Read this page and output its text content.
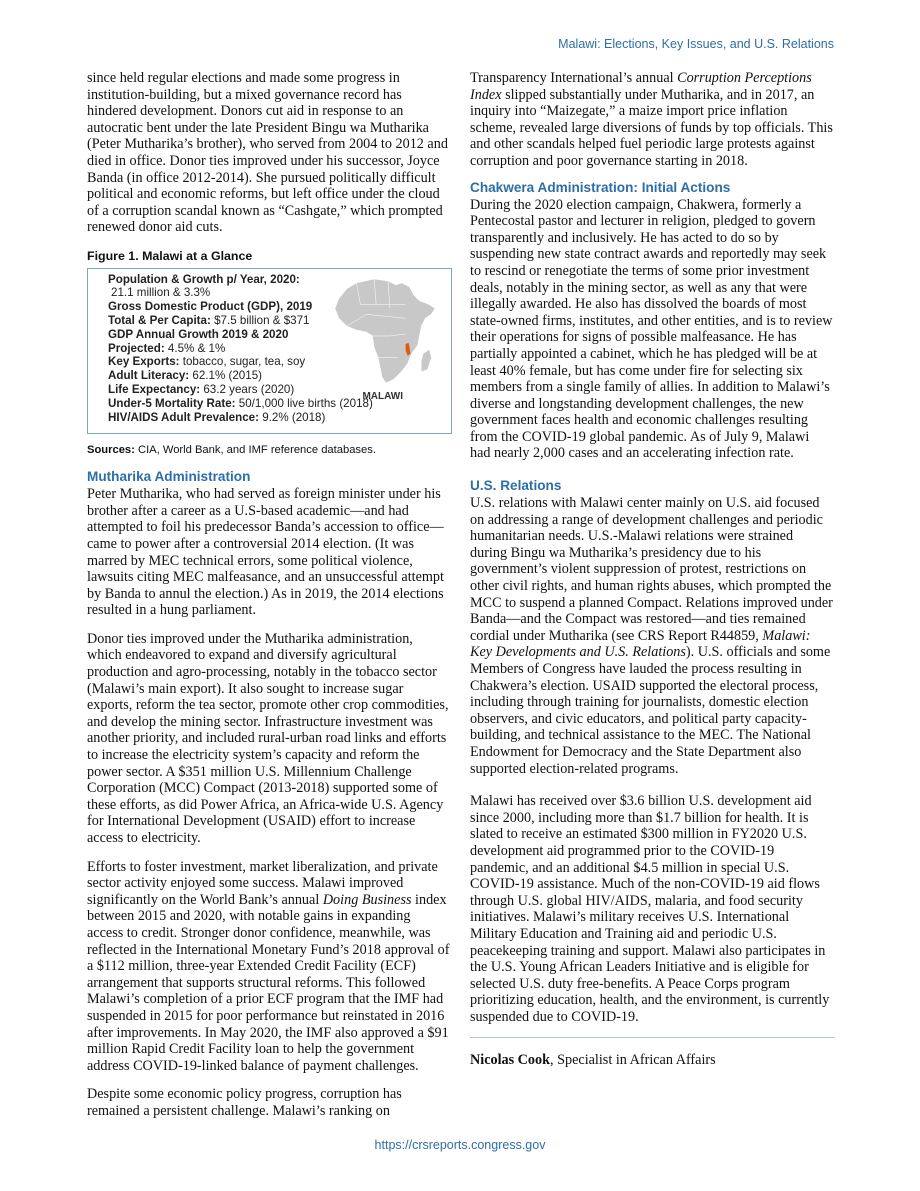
Malawi: Elections, Key Issues, and U.S. Relations

since held regular elections and made some progress in institution-building, but a mixed governance record has hindered development. Donors cut aid in response to an autocratic bent under the late President Bingu wa Mutharika (Peter Mutharika’s brother), who served from 2004 to 2012 and died in office. Donor ties improved under his successor, Joyce Banda (in office 2012-2014). She pursued politically difficult political and economic reforms, but left office under the cloud of a corruption scandal known as “Cashgate,” which prompted renewed donor aid cuts.

Figure 1. Malawi at a Glance
Population & Growth p/ Year, 2020:
21.1 million & 3.3%
Gross Domestic Product (GDP), 2019
Total & Per Capita: $7.5 billion & $371
GDP Annual Growth 2019 & 2020
Projected: 4.5% & 1%
Key Exports: tobacco, sugar, tea, soy
Adult Literacy: 62.1% (2015)
Life Expectancy: 63.2 years (2020)
Under-5 Mortality Rate: 50/1,000 live births (2018)
HIV/AIDS Adult Prevalence: 9.2% (2018)
MALAWI
Sources: CIA, World Bank, and IMF reference databases.
Mutharika Administration

Peter Mutharika, who had served as foreign minister under his brother after a career as a U.S-based academic—and had attempted to foil his predecessor Banda’s accession to office—came to power after a controversial 2014 election. (It was marred by MEC technical errors, some political violence, lawsuits citing MEC malfeasance, and an unsuccessful attempt by Banda to annul the election.) As in 2019, the 2014 elections resulted in a hung parliament.

Donor ties improved under the Mutharika administration, which endeavored to expand and diversify agricultural production and agro-processing, notably in the tobacco sector (Malawi’s main export). It also sought to increase sugar exports, reform the tea sector, promote other crop commodities, and develop the mining sector. Infrastructure investment was another priority, and included rural-urban road links and efforts to increase the electricity system’s capacity and reform the power sector. A $351 million U.S. Millennium Challenge Corporation (MCC) Compact (2013-2018) supported some of these efforts, as did Power Africa, an Africa-wide U.S. Agency for International Development (USAID) effort to increase access to electricity.

Efforts to foster investment, market liberalization, and private sector activity enjoyed some success. Malawi improved significantly on the World Bank’s annual Doing Business index between 2015 and 2020, with notable gains in expanding access to credit. Stronger donor confidence, meanwhile, was reflected in the International Monetary Fund’s 2018 approval of a $112 million, three-year Extended Credit Facility (ECF) arrangement that supports structural reforms. This followed Malawi’s completion of a prior ECF program that the IMF had suspended in 2015 for poor performance but reinstated in 2016 after improvements. In May 2020, the IMF also approved a $91 million Rapid Credit Facility loan to help the government address COVID-19-linked balance of payment challenges.

Despite some economic policy progress, corruption has remained a persistent challenge. Malawi’s ranking on

Transparency International’s annual Corruption Perceptions Index slipped substantially under Mutharika, and in 2017, an inquiry into “Maizegate,” a maize import price inflation scheme, revealed large diversions of funds by top officials. This and other scandals helped fuel periodic large protests against corruption and poor governance starting in 2018.

Chakwera Administration: Initial Actions

During the 2020 election campaign, Chakwera, formerly a Pentecostal pastor and lecturer in religion, pledged to govern transparently and inclusively. He has acted to do so by suspending new state contract awards and reportedly may seek to rescind or renegotiate the terms of some prior investment deals, notably in the mining sector, as well as any that were illegally awarded. He also has dissolved the boards of most state-owned firms, institutes, and other entities, and is to review their operations for signs of possible malfeasance. He has partially appointed a cabinet, which he has pledged will be at least 40% female, but has come under fire for selecting six members from a single family of allies. In addition to Malawi’s diverse and longstanding development challenges, the new government faces health and economic challenges resulting from the COVID-19 global pandemic. As of July 9, Malawi had nearly 2,000 cases and an accelerating infection rate.

U.S. Relations

U.S. relations with Malawi center mainly on U.S. aid focused on addressing a range of development challenges and periodic humanitarian needs. U.S.-Malawi relations were strained during Bingu wa Mutharika’s presidency due to his government’s violent suppression of protest, restrictions on other civil rights, and human rights abuses, which prompted the MCC to suspend a planned Compact. Relations improved under Banda—and the Compact was restored—and ties remained cordial under Mutharika (see CRS Report R44859, Malawi: Key Developments and U.S. Relations). U.S. officials and some Members of Congress have lauded the process resulting in Chakwera’s election. USAID supported the electoral process, including through training for journalists, domestic election observers, and civic educators, and political party capacity-building, and technical assistance to the MEC. The National Endowment for Democracy and the State Department also supported election-related programs.

Malawi has received over $3.6 billion U.S. development aid since 2000, including more than $1.7 billion for health. It is slated to receive an estimated $300 million in FY2020 U.S. development aid programmed prior to the COVID-19 pandemic, and an additional $4.5 million in special U.S. COVID-19 assistance. Much of the non-COVID-19 aid flows through U.S. global HIV/AIDS, malaria, and food security initiatives. Malawi’s military receives U.S. International Military Education and Training aid and periodic U.S. peacekeeping training and support. Malawi also participates in the U.S. Young African Leaders Initiative and is eligible for selected U.S. duty free-benefits. A Peace Corps program prioritizing education, health, and the environment, is currently suspended due to COVID-19.

Nicolas Cook, Specialist in African Affairs
https://crsreports.congress.gov
